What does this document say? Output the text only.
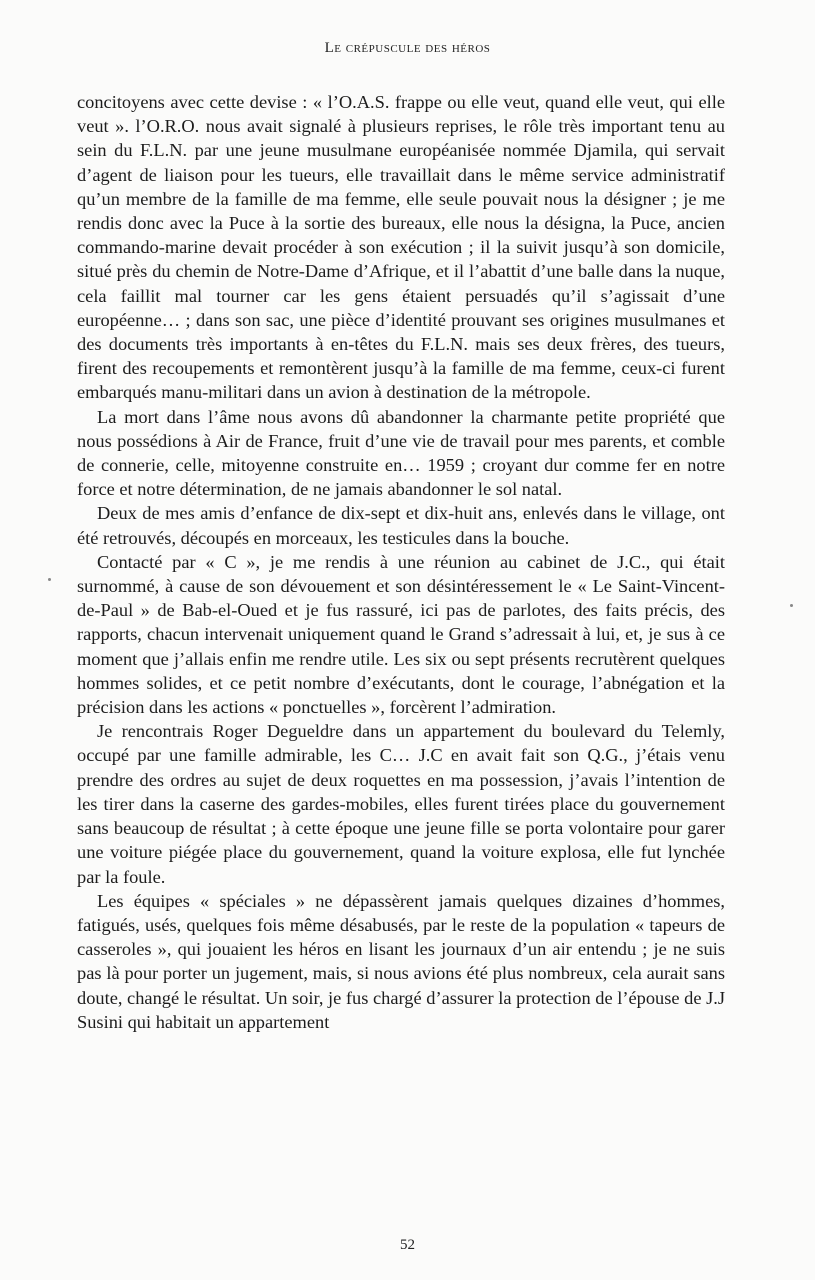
Le crépuscule des héros

concitoyens avec cette devise : « l’O.A.S. frappe ou elle veut, quand elle veut, qui elle veut ». l’O.R.O. nous avait signalé à plusieurs reprises, le rôle très important tenu au sein du F.L.N. par une jeune musulmane européanisée nommée Djamila, qui servait d’agent de liaison pour les tueurs, elle travaillait dans le même service administratif qu’un membre de la famille de ma femme, elle seule pouvait nous la désigner ; je me rendis donc avec la Puce à la sortie des bureaux, elle nous la désigna, la Puce, ancien commando-marine devait procéder à son exécution ; il la suivit jusqu’à son domicile, situé près du chemin de Notre-Dame d’Afrique, et il l’abattit d’une balle dans la nuque, cela faillit mal tourner car les gens étaient persuadés qu’il s’agissait d’une européenne… ; dans son sac, une pièce d’identité prouvant ses origines musulmanes et des documents très importants à en-têtes du F.L.N. mais ses deux frères, des tueurs, firent des recoupements et remontèrent jusqu’à la famille de ma femme, ceux-ci furent embarqués manu-militari dans un avion à destination de la métropole.

La mort dans l’âme nous avons dû abandonner la charmante petite propriété que nous possédions à Air de France, fruit d’une vie de travail pour mes parents, et comble de connerie, celle, mitoyenne construite en… 1959 ; croyant dur comme fer en notre force et notre détermination, de ne jamais abandonner le sol natal.

Deux de mes amis d’enfance de dix-sept et dix-huit ans, enlevés dans le village, ont été retrouvés, découpés en morceaux, les testicules dans la bouche.

Contacté par « C », je me rendis à une réunion au cabinet de J.C., qui était surnommé, à cause de son dévouement et son désintéressement le « Le Saint-Vincent-de-Paul » de Bab-el-Oued et je fus rassuré, ici pas de parlotes, des faits précis, des rapports, chacun intervenait uniquement quand le Grand s’adressait à lui, et, je sus à ce moment que j’allais enfin me rendre utile. Les six ou sept présents recrutèrent quelques hommes solides, et ce petit nombre d’exécutants, dont le courage, l’abnégation et la précision dans les actions « ponctuelles », forcèrent l’admiration.

Je rencontrais Roger Degueldre dans un appartement du boulevard du Telemly, occupé par une famille admirable, les C… J.C en avait fait son Q.G., j’étais venu prendre des ordres au sujet de deux roquettes en ma possession, j’avais l’intention de les tirer dans la caserne des gardes-mobiles, elles furent tirées place du gouvernement sans beaucoup de résultat ; à cette époque une jeune fille se porta volontaire pour garer une voiture piégée place du gouvernement, quand la voiture explosa, elle fut lynchée par la foule.

Les équipes « spéciales » ne dépassèrent jamais quelques dizaines d’hommes, fatigués, usés, quelques fois même désabusés, par le reste de la population « tapeurs de casseroles », qui jouaient les héros en lisant les journaux d’un air entendu ; je ne suis pas là pour porter un jugement, mais, si nous avions été plus nombreux, cela aurait sans doute, changé le résultat. Un soir, je fus chargé d’assurer la protection de l’épouse de J.J Susini qui habitait un appartement

52
